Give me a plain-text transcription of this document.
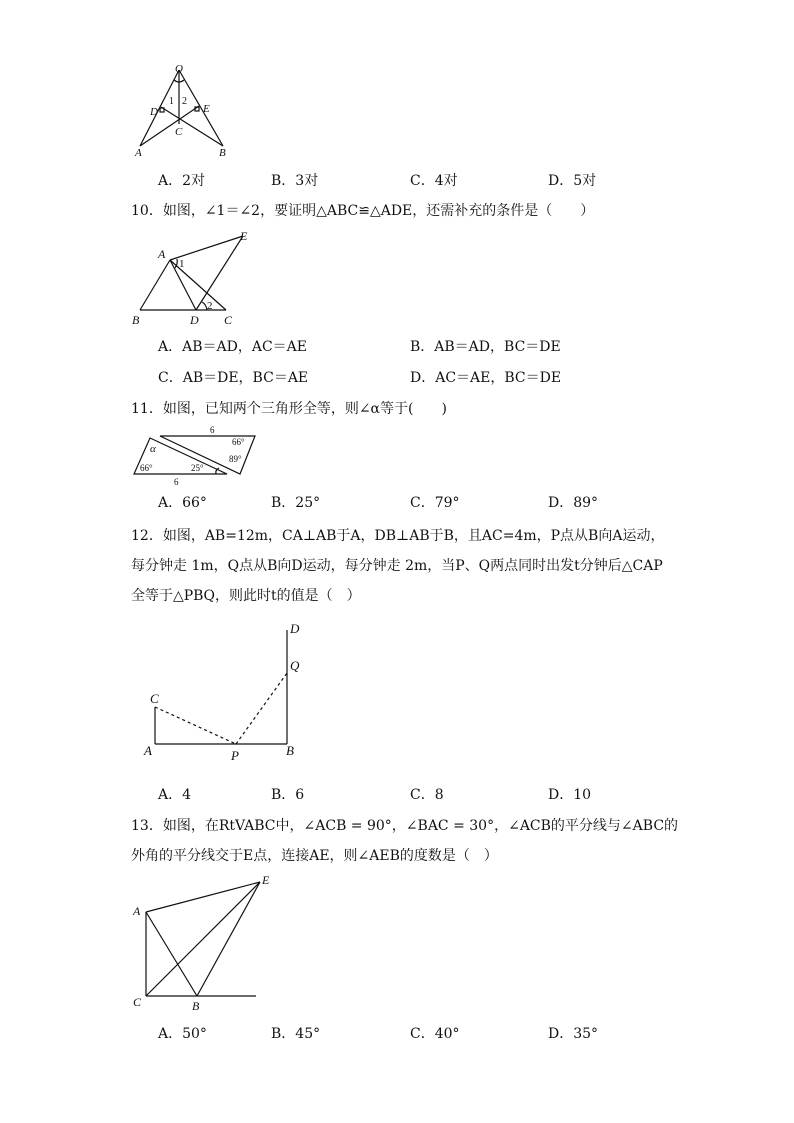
O
D	E
C
A	B
1 2
A．2对	B．3对	C．4对	D．5对
10．如图，∠1＝∠2，要证明△ABC≌△ADE，还需补充的条件是（　　）
A
E
B	D C
1
2
A．AB＝AD，AC＝AE	B．AB＝AD，BC＝DE
C．AB＝DE，BC＝AE	D．AC＝AE，BC＝DE
11．如图，已知两个三角形全等，则∠α等于(　　)
6
6
66°
89°
α
66°	25°
A．66°	B．25°	C．79°	D．89°
12．如图，AB=12m，CA⊥AB于A，DB⊥AB于B，且AC=4m，P点从B向A运动，
每分钟走 1m，Q点从B向D运动，每分钟走 2m，当P、Q两点同时出发t分钟后△CAP
全等于△PBQ，则此时t的值是（　）
D
Q
C
A	P	B
A．4	B．6	C．8	D．10
13．如图，在RtVABC中，∠ACB = 90°，∠BAC = 30°，∠ACB的平分线与∠ABC的
外角的平分线交于E点，连接AE，则∠AEB的度数是（　）
E
A
C	B
A．50°	B．45°	C．40°	D．35°
